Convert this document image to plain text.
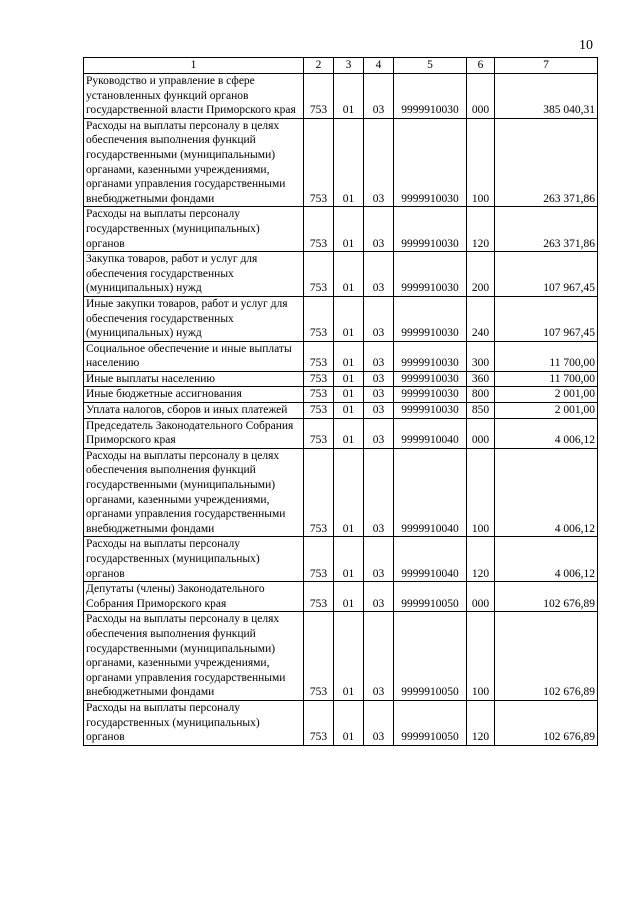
10
1	2	3	4	5	6	7
Руководство и управление в сфере установленных функций органов государственной власти Приморского края	753	01	03	9999910030	000	385 040,31
Расходы на выплаты персоналу в целях обеспечения выполнения функций государственными (муниципальными) органами, казенными учреждениями, органами управления государственными внебюджетными фондами	753	01	03	9999910030	100	263 371,86
Расходы на выплаты персоналу государственных (муниципальных) органов	753	01	03	9999910030	120	263 371,86
Закупка товаров, работ и услуг для обеспечения государственных (муниципальных) нужд	753	01	03	9999910030	200	107 967,45
Иные закупки товаров, работ и услуг для обеспечения государственных (муниципальных) нужд	753	01	03	9999910030	240	107 967,45
Социальное обеспечение и иные выплаты населению	753	01	03	9999910030	300	11 700,00
Иные выплаты населению	753	01	03	9999910030	360	11 700,00
Иные бюджетные ассигнования	753	01	03	9999910030	800	2 001,00
Уплата налогов, сборов и иных платежей	753	01	03	9999910030	850	2 001,00
Председатель Законодательного Собрания Приморского края	753	01	03	9999910040	000	4 006,12
Расходы на выплаты персоналу в целях обеспечения выполнения функций государственными (муниципальными) органами, казенными учреждениями, органами управления государственными внебюджетными фондами	753	01	03	9999910040	100	4 006,12
Расходы на выплаты персоналу государственных (муниципальных) органов	753	01	03	9999910040	120	4 006,12
Депутаты (члены) Законодательного Собрания Приморского края	753	01	03	9999910050	000	102 676,89
Расходы на выплаты персоналу в целях обеспечения выполнения функций государственными (муниципальными) органами, казенными учреждениями, органами управления государственными внебюджетными фондами	753	01	03	9999910050	100	102 676,89
Расходы на выплаты персоналу государственных (муниципальных) органов	753	01	03	9999910050	120	102 676,89
